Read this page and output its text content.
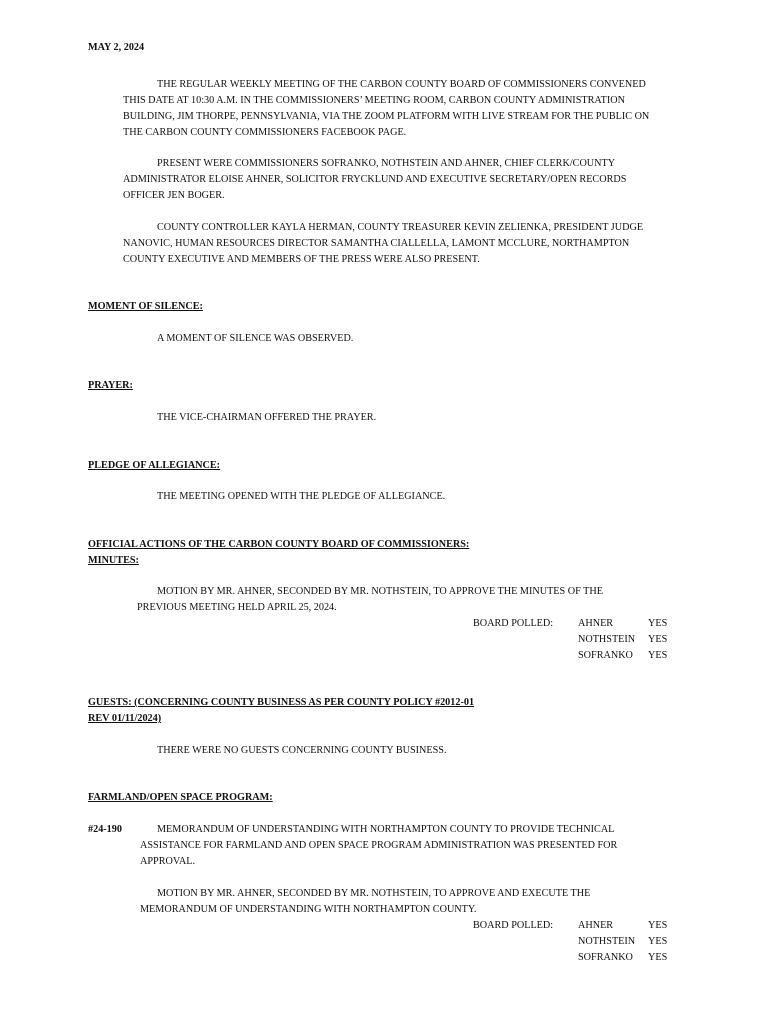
MAY 2, 2024
THE REGULAR WEEKLY MEETING OF THE CARBON COUNTY BOARD OF COMMISSIONERS CONVENED
THIS DATE AT 10:30 A.M. IN THE COMMISSIONERS’ MEETING ROOM, CARBON COUNTY ADMINISTRATION
BUILDING, JIM THORPE, PENNSYLVANIA, VIA THE ZOOM PLATFORM WITH LIVE STREAM FOR THE PUBLIC ON
THE CARBON COUNTY COMMISSIONERS FACEBOOK PAGE.
PRESENT WERE COMMISSIONERS SOFRANKO, NOTHSTEIN AND AHNER, CHIEF CLERK/COUNTY
ADMINISTRATOR ELOISE AHNER, SOLICITOR FRYCKLUND AND EXECUTIVE SECRETARY/OPEN RECORDS
OFFICER JEN BOGER.
COUNTY CONTROLLER KAYLA HERMAN, COUNTY TREASURER KEVIN ZELIENKA, PRESIDENT JUDGE
NANOVIC, HUMAN RESOURCES DIRECTOR SAMANTHA CIALLELLA, LAMONT MCCLURE, NORTHAMPTON
COUNTY EXECUTIVE AND MEMBERS OF THE PRESS WERE ALSO PRESENT.
MOMENT OF SILENCE:
A MOMENT OF SILENCE WAS OBSERVED.
PRAYER:
THE VICE-CHAIRMAN OFFERED THE PRAYER.
PLEDGE OF ALLEGIANCE:
THE MEETING OPENED WITH THE PLEDGE OF ALLEGIANCE.
OFFICIAL ACTIONS OF THE CARBON COUNTY BOARD OF COMMISSIONERS:
MINUTES:
MOTION BY MR. AHNER, SECONDED BY MR. NOTHSTEIN, TO APPROVE THE MINUTES OF THE
PREVIOUS MEETING HELD APRIL 25, 2024.
BOARD POLLED: AHNER	YES
NOTHSTEIN YES
SOFRANKO YES
GUESTS: (CONCERNING COUNTY BUSINESS AS PER COUNTY POLICY #2012-01
REV 01/11/2024)
THERE WERE NO GUESTS CONCERNING COUNTY BUSINESS.
FARMLAND/OPEN SPACE PROGRAM:
#24-190	MEMORANDUM OF UNDERSTANDING WITH NORTHAMPTON COUNTY TO PROVIDE TECHNICAL
ASSISTANCE FOR FARMLAND AND OPEN SPACE PROGRAM ADMINISTRATION WAS PRESENTED FOR
APPROVAL.
MOTION BY MR. AHNER, SECONDED BY MR. NOTHSTEIN, TO APPROVE AND EXECUTE THE
MEMORANDUM OF UNDERSTANDING WITH NORTHAMPTON COUNTY.
BOARD POLLED: AHNER	YES
NOTHSTEIN YES
SOFRANKO YES
